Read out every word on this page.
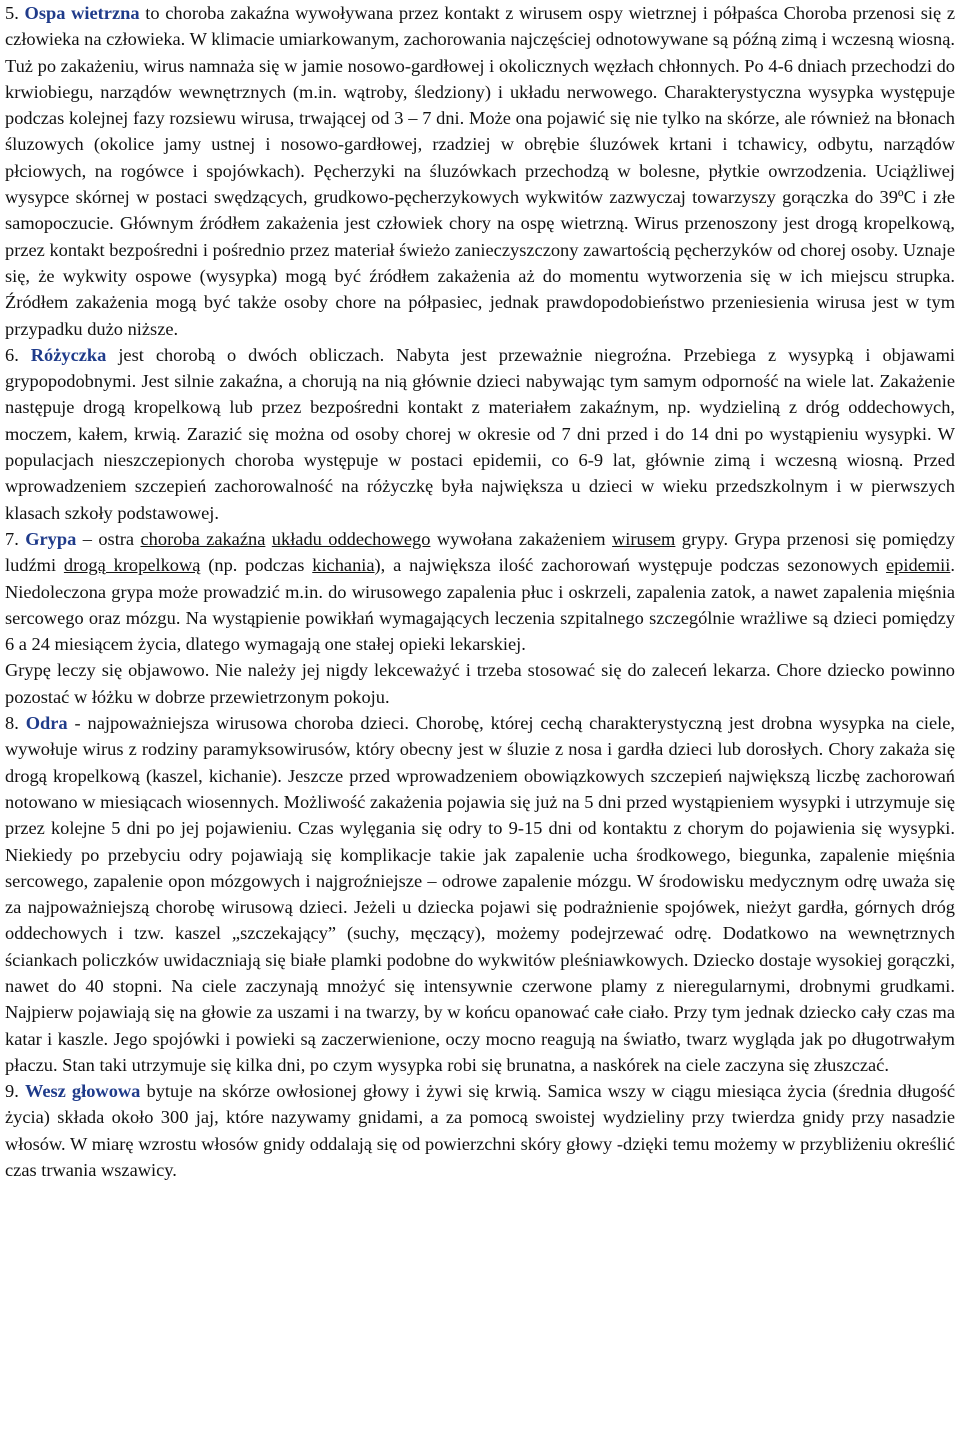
5. Ospa wietrzna to choroba zakaźna wywoływana przez kontakt z wirusem ospy wietrznej i półpaśca Choroba przenosi się z człowieka na człowieka. W klimacie umiarkowanym, zachorowania najczęściej odnotowywane są późną zimą i wczesną wiosną. Tuż po zakażeniu, wirus namnaża się w jamie nosowo-gardłowej i okolicznych węzłach chłonnych. Po 4-6 dniach przechodzi do krwiobiegu, narządów wewnętrznych (m.in. wątroby, śledziony) i układu nerwowego. Charakterystyczna wysypka występuje podczas kolejnej fazy rozsiewu wirusa, trwającej od 3 – 7 dni. Może ona pojawić się nie tylko na skórze, ale również na błonach śluzowych (okolice jamy ustnej i nosowo-gardłowej, rzadziej w obrębie śluzówek krtani i tchawicy, odbytu, narządów płciowych, na rogówce i spojówkach). Pęcherzyki na śluzówkach przechodzą w bolesne, płytkie owrzodzenia. Uciążliwej wysypce skórnej w postaci swędzących, grudkowo-pęcherzykowych wykwitów zazwyczaj towarzyszy gorączka do 39ºC i złe samopoczucie. Głównym źródłem zakażenia jest człowiek chory na ospę wietrzną. Wirus przenoszony jest drogą kropelkową, przez kontakt bezpośredni i pośrednio przez materiał świeżo zanieczyszczony zawartością pęcherzyków od chorej osoby. Uznaje się, że wykwity ospowe (wysypka) mogą być źródłem zakażenia aż do momentu wytworzenia się w ich miejscu strupka. Źródłem zakażenia mogą być także osoby chore na półpasiec, jednak prawdopodobieństwo przeniesienia wirusa jest w tym przypadku dużo niższe.

6. Różyczka jest chorobą o dwóch obliczach. Nabyta jest przeważnie niegroźna. Przebiega z wysypką i objawami grypopodobnymi. Jest silnie zakaźna, a chorują na nią głównie dzieci nabywając tym samym odporność na wiele lat. Zakażenie następuje drogą kropelkową lub przez bezpośredni kontakt z materiałem zakaźnym, np. wydzieliną z dróg oddechowych, moczem, kałem, krwią. Zarazić się można od osoby chorej w okresie od 7 dni przed i do 14 dni po wystąpieniu wysypki. W populacjach nieszczepionych choroba występuje w postaci epidemii, co 6-9 lat, głównie zimą i wczesną wiosną. Przed wprowadzeniem szczepień zachorowalność na różyczkę była największa u dzieci w wieku przedszkolnym i w pierwszych klasach szkoły podstawowej.

7. Grypa – ostra choroba zakaźna układu oddechowego wywołana zakażeniem wirusem grypy. Grypa przenosi się pomiędzy ludźmi drogą kropelkową (np. podczas kichania), a największa ilość zachorowań występuje podczas sezonowych epidemii. Niedoleczona grypa może prowadzić m.in. do wirusowego zapalenia płuc i oskrzeli, zapalenia zatok, a nawet zapalenia mięśnia sercowego oraz mózgu. Na wystąpienie powikłań wymagających leczenia szpitalnego szczególnie wrażliwe są dzieci pomiędzy 6 a 24 miesiącem życia, dlatego wymagają one stałej opieki lekarskiej.

Grypę leczy się objawowo. Nie należy jej nigdy lekceważyć i trzeba stosować się do zaleceń lekarza. Chore dziecko powinno pozostać w łóżku w dobrze przewietrzonym pokoju.

8. Odra - najpoważniejsza wirusowa choroba dzieci. Chorobę, której cechą charakterystyczną jest drobna wysypka na ciele, wywołuje wirus z rodziny paramyksowirusów, który obecny jest w śluzie z nosa i gardła dzieci lub dorosłych. Chory zakaża się drogą kropelkową (kaszel, kichanie). Jeszcze przed wprowadzeniem obowiązkowych szczepień największą liczbę zachorowań notowano w miesiącach wiosennych. Możliwość zakażenia pojawia się już na 5 dni przed wystąpieniem wysypki i utrzymuje się przez kolejne 5 dni po jej pojawieniu. Czas wylęgania się odry to 9-15 dni od kontaktu z chorym do pojawienia się wysypki. Niekiedy po przebyciu odry pojawiają się komplikacje takie jak zapalenie ucha środkowego, biegunka, zapalenie mięśnia sercowego, zapalenie opon mózgowych i najgroźniejsze – odrowe zapalenie mózgu. W środowisku medycznym odrę uważa się za najpoważniejszą chorobę wirusową dzieci. Jeżeli u dziecka pojawi się podrażnienie spojówek, nieżyt gardła, górnych dróg oddechowych i tzw. kaszel „szczekający” (suchy, męczący), możemy podejrzewać odrę. Dodatkowo na wewnętrznych ściankach policzków uwidaczniają się białe plamki podobne do wykwitów pleśniawkowych. Dziecko dostaje wysokiej gorączki, nawet do 40 stopni. Na ciele zaczynają mnożyć się intensywnie czerwone plamy z nieregularnymi, drobnymi grudkami. Najpierw pojawiają się na głowie za uszami i na twarzy, by w końcu opanować całe ciało. Przy tym jednak dziecko cały czas ma katar i kaszle. Jego spojówki i powieki są zaczerwienione, oczy mocno reagują na światło, twarz wygląda jak po długotrwałym płaczu. Stan taki utrzymuje się kilka dni, po czym wysypka robi się brunatna, a naskórek na ciele zaczyna się złuszczać.

9. Wesz głowowa bytuje na skórze owłosionej głowy i żywi się krwią. Samica wszy w ciągu miesiąca życia (średnia długość życia) składa około 300 jaj, które nazywamy gnidami, a za pomocą swoistej wydzieliny przy twierdza gnidy przy nasadzie włosów. W miarę wzrostu włosów gnidy oddalają się od powierzchni skóry głowy -dzięki temu możemy w przybliżeniu określić czas trwania wszawicy.
